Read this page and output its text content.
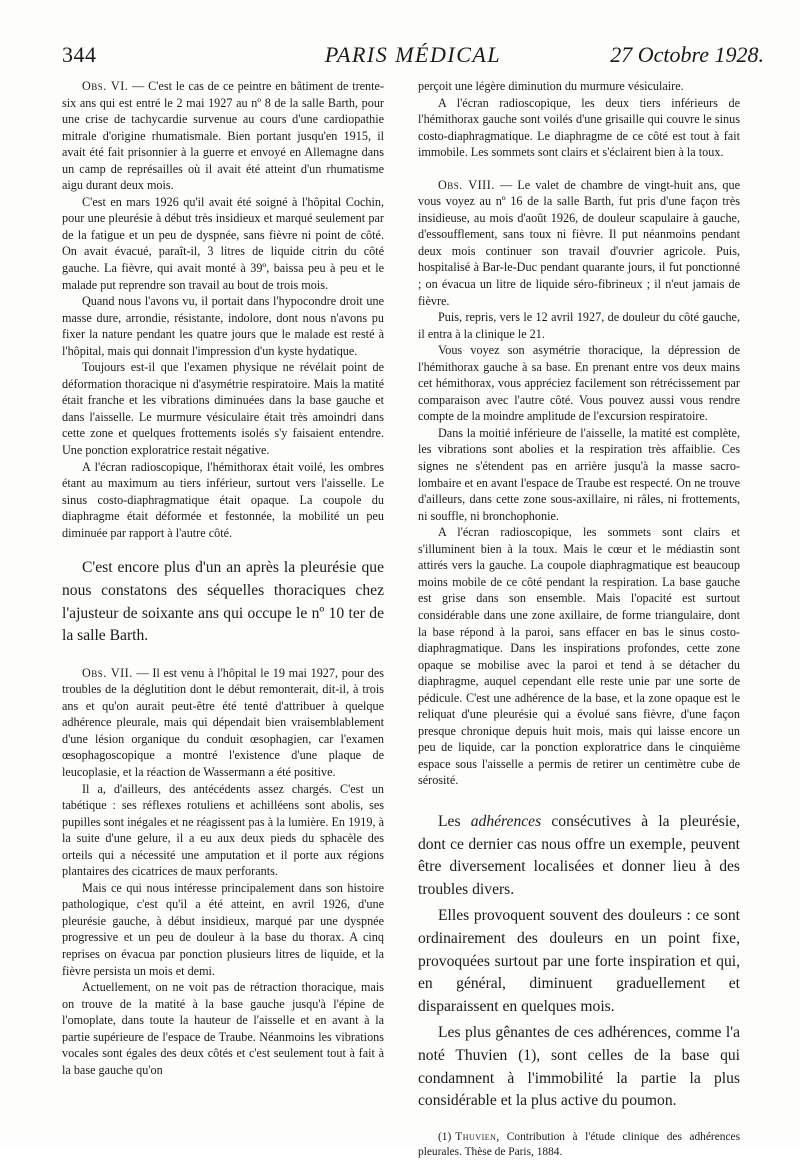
344	PARIS MÉDICAL	27 Octobre 1928.

Obs. VI. — C'est le cas de ce peintre en bâtiment de trente-six ans qui est entré le 2 mai 1927 au nº 8 de la salle Barth, pour une crise de tachycardie survenue au cours d'une cardiopathie mitrale d'origine rhumatismale. Bien portant jusqu'en 1915, il avait été fait prisonnier à la guerre et envoyé en Allemagne dans un camp de représailles où il avait été atteint d'un rhumatisme aigu durant deux mois.

C'est en mars 1926 qu'il avait été soigné à l'hôpital Cochin, pour une pleurésie à début très insidieux et marqué seulement par de la fatigue et un peu de dyspnée, sans fièvre ni point de côté. On avait évacué, paraît-il, 3 litres de liquide citrin du côté gauche. La fièvre, qui avait monté à 39º, baissa peu à peu et le malade put reprendre son travail au bout de trois mois.

Quand nous l'avons vu, il portait dans l'hypocondre droit une masse dure, arrondie, résistante, indolore, dont nous n'avons pu fixer la nature pendant les quatre jours que le malade est resté à l'hôpital, mais qui donnait l'impression d'un kyste hydatique.

Toujours est-il que l'examen physique ne révélait point de déformation thoracique ni d'asymétrie respiratoire. Mais la matité était franche et les vibrations diminuées dans la base gauche et dans l'aisselle. Le murmure vésiculaire était très amoindri dans cette zone et quelques frottements isolés s'y faisaient entendre. Une ponction exploratrice restait négative.

A l'écran radioscopique, l'hémithorax était voilé, les ombres étant au maximum au tiers inférieur, surtout vers l'aisselle. Le sinus costo-diaphragmatique était opaque. La coupole du diaphragme était déformée et festonnée, la mobilité un peu diminuée par rapport à l'autre côté.

C'est encore plus d'un an après la pleurésie que nous constatons des séquelles thoraciques chez l'ajusteur de soixante ans qui occupe le nº 10 ter de la salle Barth.

Obs. VII. — Il est venu à l'hôpital le 19 mai 1927, pour des troubles de la déglutition dont le début remonterait, dit-il, à trois ans et qu'on aurait peut-être été tenté d'attribuer à quelque adhérence pleurale, mais qui dépendait bien vraisemblablement d'une lésion organique du conduit œsophagien, car l'examen œsophagoscopique a montré l'existence d'une plaque de leucoplasie, et la réaction de Wassermann a été positive.

Il a, d'ailleurs, des antécédents assez chargés. C'est un tabétique : ses réflexes rotuliens et achilléens sont abolis, ses pupilles sont inégales et ne réagissent pas à la lumière. En 1919, à la suite d'une gelure, il a eu aux deux pieds du sphacèle des orteils qui a nécessité une amputation et il porte aux régions plantaires des cicatrices de maux perforants.

Mais ce qui nous intéresse principalement dans son histoire pathologique, c'est qu'il a été atteint, en avril 1926, d'une pleurésie gauche, à début insidieux, marqué par une dyspnée progressive et un peu de douleur à la base du thorax. A cinq reprises on évacua par ponction plusieurs litres de liquide, et la fièvre persista un mois et demi.

Actuellement, on ne voit pas de rétraction thoracique, mais on trouve de la matité à la base gauche jusqu'à l'épine de l'omoplate, dans toute la hauteur de l'aisselle et en avant à la partie supérieure de l'espace de Traube. Néanmoins les vibrations vocales sont égales des deux côtés et c'est seulement tout à fait à la base gauche qu'on

perçoit une légère diminution du murmure vésiculaire.

A l'écran radioscopique, les deux tiers inférieurs de l'hémithorax gauche sont voilés d'une grisaille qui couvre le sinus costo-diaphragmatique. Le diaphragme de ce côté est tout à fait immobile. Les sommets sont clairs et s'éclairent bien à la toux.

Obs. VIII. — Le valet de chambre de vingt-huit ans, que vous voyez au nº 16 de la salle Barth, fut pris d'une façon très insidieuse, au mois d'août 1926, de douleur scapulaire à gauche, d'essoufflement, sans toux ni fièvre. Il put néanmoins pendant deux mois continuer son travail d'ouvrier agricole. Puis, hospitalisé à Bar-le-Duc pendant quarante jours, il fut ponctionné ; on évacua un litre de liquide séro-fibrineux ; il n'eut jamais de fièvre.

Puis, repris, vers le 12 avril 1927, de douleur du côté gauche, il entra à la clinique le 21.

Vous voyez son asymétrie thoracique, la dépression de l'hémithorax gauche à sa base. En prenant entre vos deux mains cet hémithorax, vous appréciez facilement son rétrécissement par comparaison avec l'autre côté. Vous pouvez aussi vous rendre compte de la moindre amplitude de l'excursion respiratoire.

Dans la moitié inférieure de l'aisselle, la matité est complète, les vibrations sont abolies et la respiration très affaiblie. Ces signes ne s'étendent pas en arrière jusqu'à la masse sacro-lombaire et en avant l'espace de Traube est respecté. On ne trouve d'ailleurs, dans cette zone sous-axillaire, ni râles, ni frottements, ni souffle, ni bronchophonie.

A l'écran radioscopique, les sommets sont clairs et s'illuminent bien à la toux. Mais le cœur et le médiastin sont attirés vers la gauche. La coupole diaphragmatique est beaucoup moins mobile de ce côté pendant la respiration. La base gauche est grise dans son ensemble. Mais l'opacité est surtout considérable dans une zone axillaire, de forme triangulaire, dont la base répond à la paroi, sans effacer en bas le sinus costo-diaphragmatique. Dans les inspirations profondes, cette zone opaque se mobilise avec la paroi et tend à se détacher du diaphragme, auquel cependant elle reste unie par une sorte de pédicule. C'est une adhérence de la base, et la zone opaque est le reliquat d'une pleurésie qui a évolué sans fièvre, d'une façon presque chronique depuis huit mois, mais qui laisse encore un peu de liquide, car la ponction exploratrice dans le cinquième espace sous l'aisselle a permis de retirer un centimètre cube de sérosité.

Les adhérences consécutives à la pleurésie, dont ce dernier cas nous offre un exemple, peuvent être diversement localisées et donner lieu à des troubles divers.

Elles provoquent souvent des douleurs : ce sont ordinairement des douleurs en un point fixe, provoquées surtout par une forte inspiration et qui, en général, diminuent graduellement et disparaissent en quelques mois.

Les plus gênantes de ces adhérences, comme l'a noté Thuvien (1), sont celles de la base qui condamnent à l'immobilité la partie la plus considérable et la plus active du poumon.

(1) Thuvien, Contribution à l'étude clinique des adhérences pleurales. Thèse de Paris, 1884.
